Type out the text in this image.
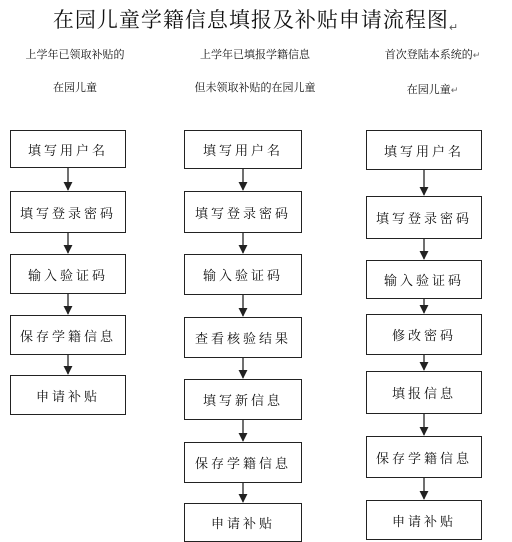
在园儿童学籍信息填报及补贴申请流程图↵
上学年已领取补贴的
在园儿童
上学年已填报学籍信息
但未领取补贴的在园儿童
首次登陆本系统的↵
在园儿童↵
填写用户名
填写登录密码
输入验证码
保存学籍信息
申请补贴
填写用户名
填写登录密码
输入验证码
查看核验结果
填写新信息
保存学籍信息
申请补贴
填写用户名
填写登录密码
输入验证码
修改密码
填报信息
保存学籍信息
申请补贴
